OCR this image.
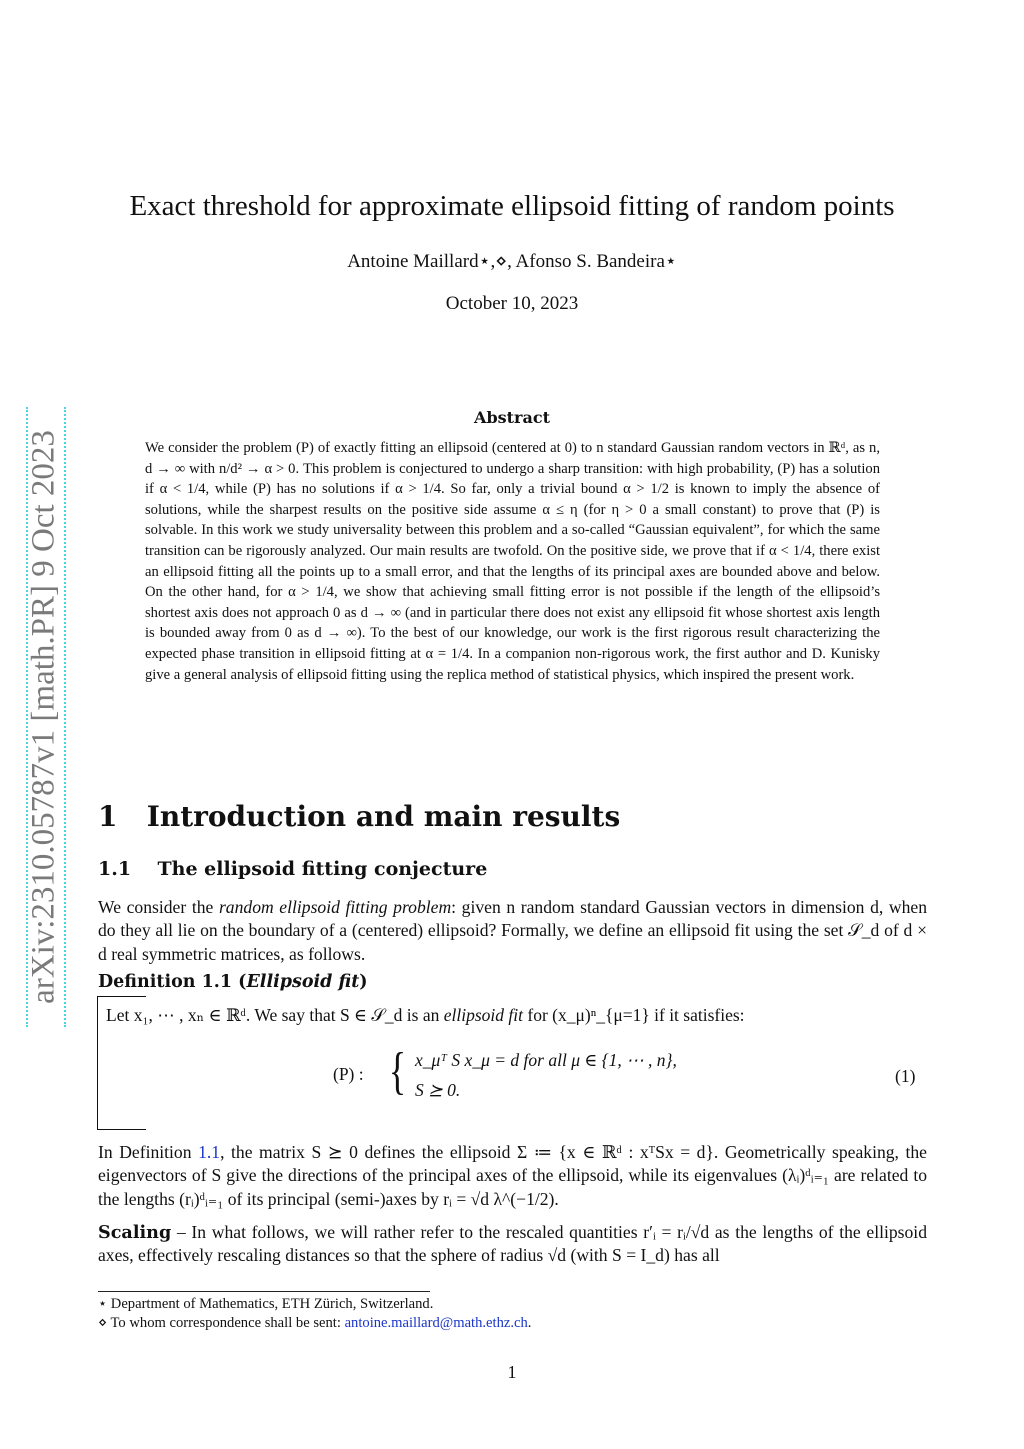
arXiv:2310.05787v1 [math.PR] 9 Oct 2023
Exact threshold for approximate ellipsoid fitting of random points
Antoine Maillard⋆,⋄, Afonso S. Bandeira⋆
October 10, 2023
Abstract
We consider the problem (P) of exactly fitting an ellipsoid (centered at 0) to n standard Gaussian random vectors in ℝᵈ, as n, d → ∞ with n/d² → α > 0. This problem is conjectured to undergo a sharp transition: with high probability, (P) has a solution if α < 1/4, while (P) has no solutions if α > 1/4. So far, only a trivial bound α > 1/2 is known to imply the absence of solutions, while the sharpest results on the positive side assume α ≤ η (for η > 0 a small constant) to prove that (P) is solvable. In this work we study universality between this problem and a so-called “Gaussian equivalent”, for which the same transition can be rigorously analyzed. Our main results are twofold. On the positive side, we prove that if α < 1/4, there exist an ellipsoid fitting all the points up to a small error, and that the lengths of its principal axes are bounded above and below. On the other hand, for α > 1/4, we show that achieving small fitting error is not possible if the length of the ellipsoid’s shortest axis does not approach 0 as d → ∞ (and in particular there does not exist any ellipsoid fit whose shortest axis length is bounded away from 0 as d → ∞). To the best of our knowledge, our work is the first rigorous result characterizing the expected phase transition in ellipsoid fitting at α = 1/4. In a companion non-rigorous work, the first author and D. Kunisky give a general analysis of ellipsoid fitting using the replica method of statistical physics, which inspired the present work.
1 Introduction and main results
1.1 The ellipsoid fitting conjecture
We consider the random ellipsoid fitting problem: given n random standard Gaussian vectors in dimension d, when do they all lie on the boundary of a (centered) ellipsoid? Formally, we define an ellipsoid fit using the set 𝒮_d of d × d real symmetric matrices, as follows.
Definition 1.1 (Ellipsoid fit)
Let x₁, ⋯ , xₙ ∈ ℝᵈ. We say that S ∈ 𝒮_d is an ellipsoid fit for (x_μ)ⁿ_{μ=1} if it satisfies:
(P) : { x_μᵀ S x_μ = d for all μ ∈ {1, ⋯ , n},
S ⪰ 0.
(1)
In Definition 1.1, the matrix S ⪰ 0 defines the ellipsoid Σ ≔ {x ∈ ℝᵈ : xᵀSx = d}. Geometrically speaking, the eigenvectors of S give the directions of the principal axes of the ellipsoid, while its eigenvalues (λᵢ)ᵈᵢ₌₁ are related to the lengths (rᵢ)ᵈᵢ₌₁ of its principal (semi-)axes by rᵢ = √d λ^(−1/2).
Scaling – In what follows, we will rather refer to the rescaled quantities r′ᵢ = rᵢ/√d as the lengths of the ellipsoid axes, effectively rescaling distances so that the sphere of radius √d (with S = I_d) has all
⋆ Department of Mathematics, ETH Zürich, Switzerland.
⋄ To whom correspondence shall be sent: antoine.maillard@math.ethz.ch.
1
